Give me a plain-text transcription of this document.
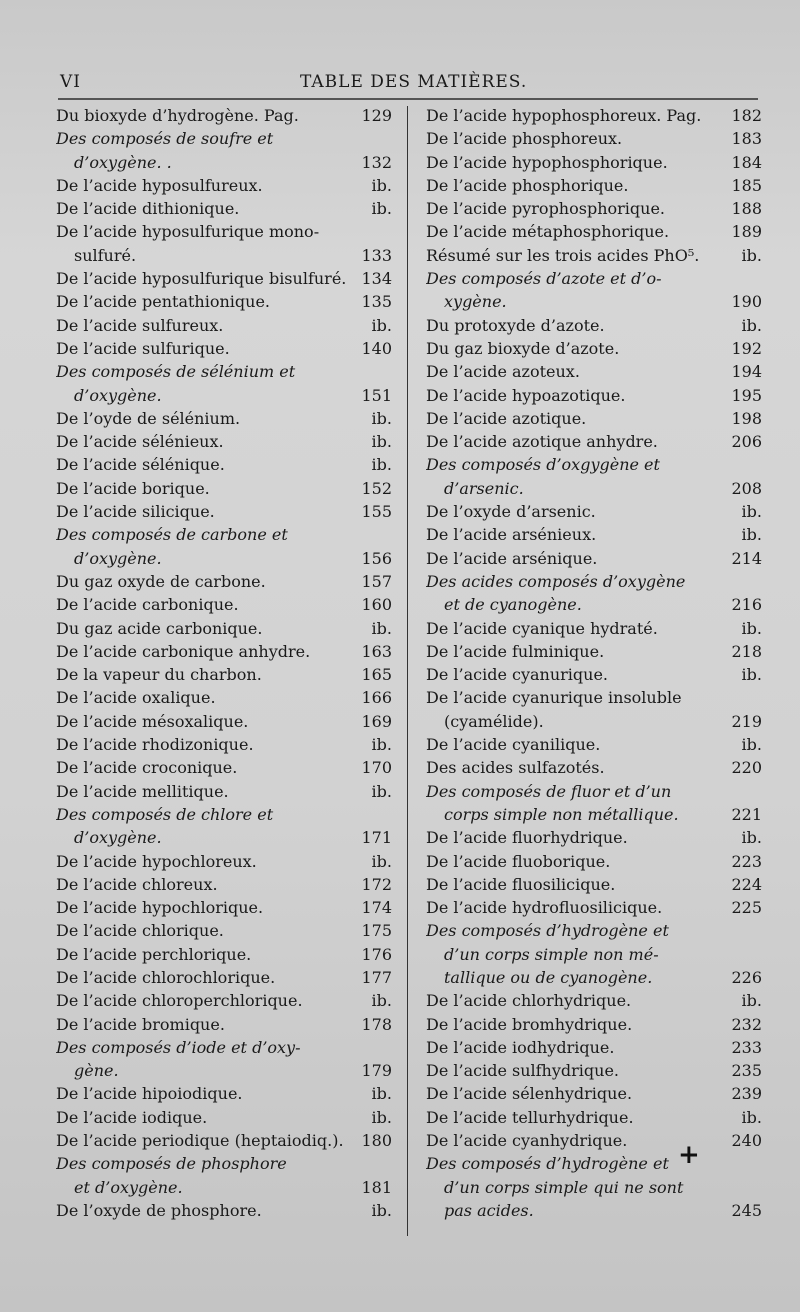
VI	TABLE DES MATIÈRES.
Du bioxyde d’hydrogène. Pag.	129
Des composés de soufre et
d’oxygène. .	132
De l’acide hyposulfureux.	ib.
De l’acide dithionique.	ib.
De l’acide hyposulfurique mono-
sulfuré.	133
De l’acide hyposulfurique bisulfuré. 134
De l’acide pentathionique.	135
De l’acide sulfureux.	ib.
De l’acide sulfurique.	140
Des composés de sélénium et
d’oxygène.	151
De l’oyde de sélénium.	ib.
De l’acide sélénieux.	ib.
De l’acide sélénique.	ib.
De l’acide borique.	152
De l’acide silicique.	155
Des composés de carbone et
d’oxygène.	156
Du gaz oxyde de carbone.	157
De l’acide carbonique.	160
Du gaz acide carbonique.	ib.
De l’acide carbonique anhydre.	163
De la vapeur du charbon.	165
De l’acide oxalique.	166
De l’acide mésoxalique.	169
De l’acide rhodizonique.	ib.
De l’acide croconique.	170
De l’acide mellitique.	ib.
Des composés de chlore et
d’oxygène.	171
De l’acide hypochloreux.	ib.
De l’acide chloreux.	172
De l’acide hypochlorique.	174
De l’acide chlorique.	175
De l’acide perchlorique.	176
De l’acide chlorochlorique.	177
De l’acide chloroperchlorique.	ib.
De l’acide bromique.	178
Des composés d’iode et d’oxy-
gène.	179
De l’acide hipoiodique.	ib.
De l’acide iodique.	ib.
De l’acide periodique (heptaiodiq.).	180
Des composés de phosphore
et d’oxygène.	181
De l’oxyde de phosphore.	ib.
De l’acide hypophosphoreux. Pag.	182
De l’acide phosphoreux.	183
De l’acide hypophosphorique.	184
De l’acide phosphorique.	185
De l’acide pyrophosphorique.	188
De l’acide métaphosphorique.	189
Résumé sur les trois acides PhO⁵.	ib.
Des composés d’azote et d’o-
xygène.	190
Du protoxyde d’azote.	ib.
Du gaz bioxyde d’azote.	192
De l’acide azoteux.	194
De l’acide hypoazotique.	195
De l’acide azotique.	198
De l’acide azotique anhydre.	206
Des composés d’oxgygène et
d’arsenic.	208
De l’oxyde d’arsenic.	ib.
De l’acide arsénieux.	ib.
De l’acide arsénique.	214
Des acides composés d’oxygène
et de cyanogène.	216
De l’acide cyanique hydraté.	ib.
De l’acide fulminique.	218
De l’acide cyanurique.	ib.
De l’acide cyanurique insoluble
(cyamélide).	219
De l’acide cyanilique.	ib.
Des acides sulfazotés.	220
Des composés de fluor et d’un
corps simple non métallique.	221
De l’acide fluorhydrique.	ib.
De l’acide fluoborique.	223
De l’acide fluosilicique.	224
De l’acide hydrofluosilicique.	225
Des composés d’hydrogène et
d’un corps simple non mé-
tallique ou de cyanogène.	226
De l’acide chlorhydrique.	ib.
De l’acide bromhydrique.	232
De l’acide iodhydrique.	233
De l’acide sulfhydrique.	235
De l’acide sélenhydrique.	239
De l’acide tellurhydrique.	ib.
De l’acide cyanhydrique.	240
Des composés d’hydrogène et
d’un corps simple qui ne sont
pas acides.	245
+
